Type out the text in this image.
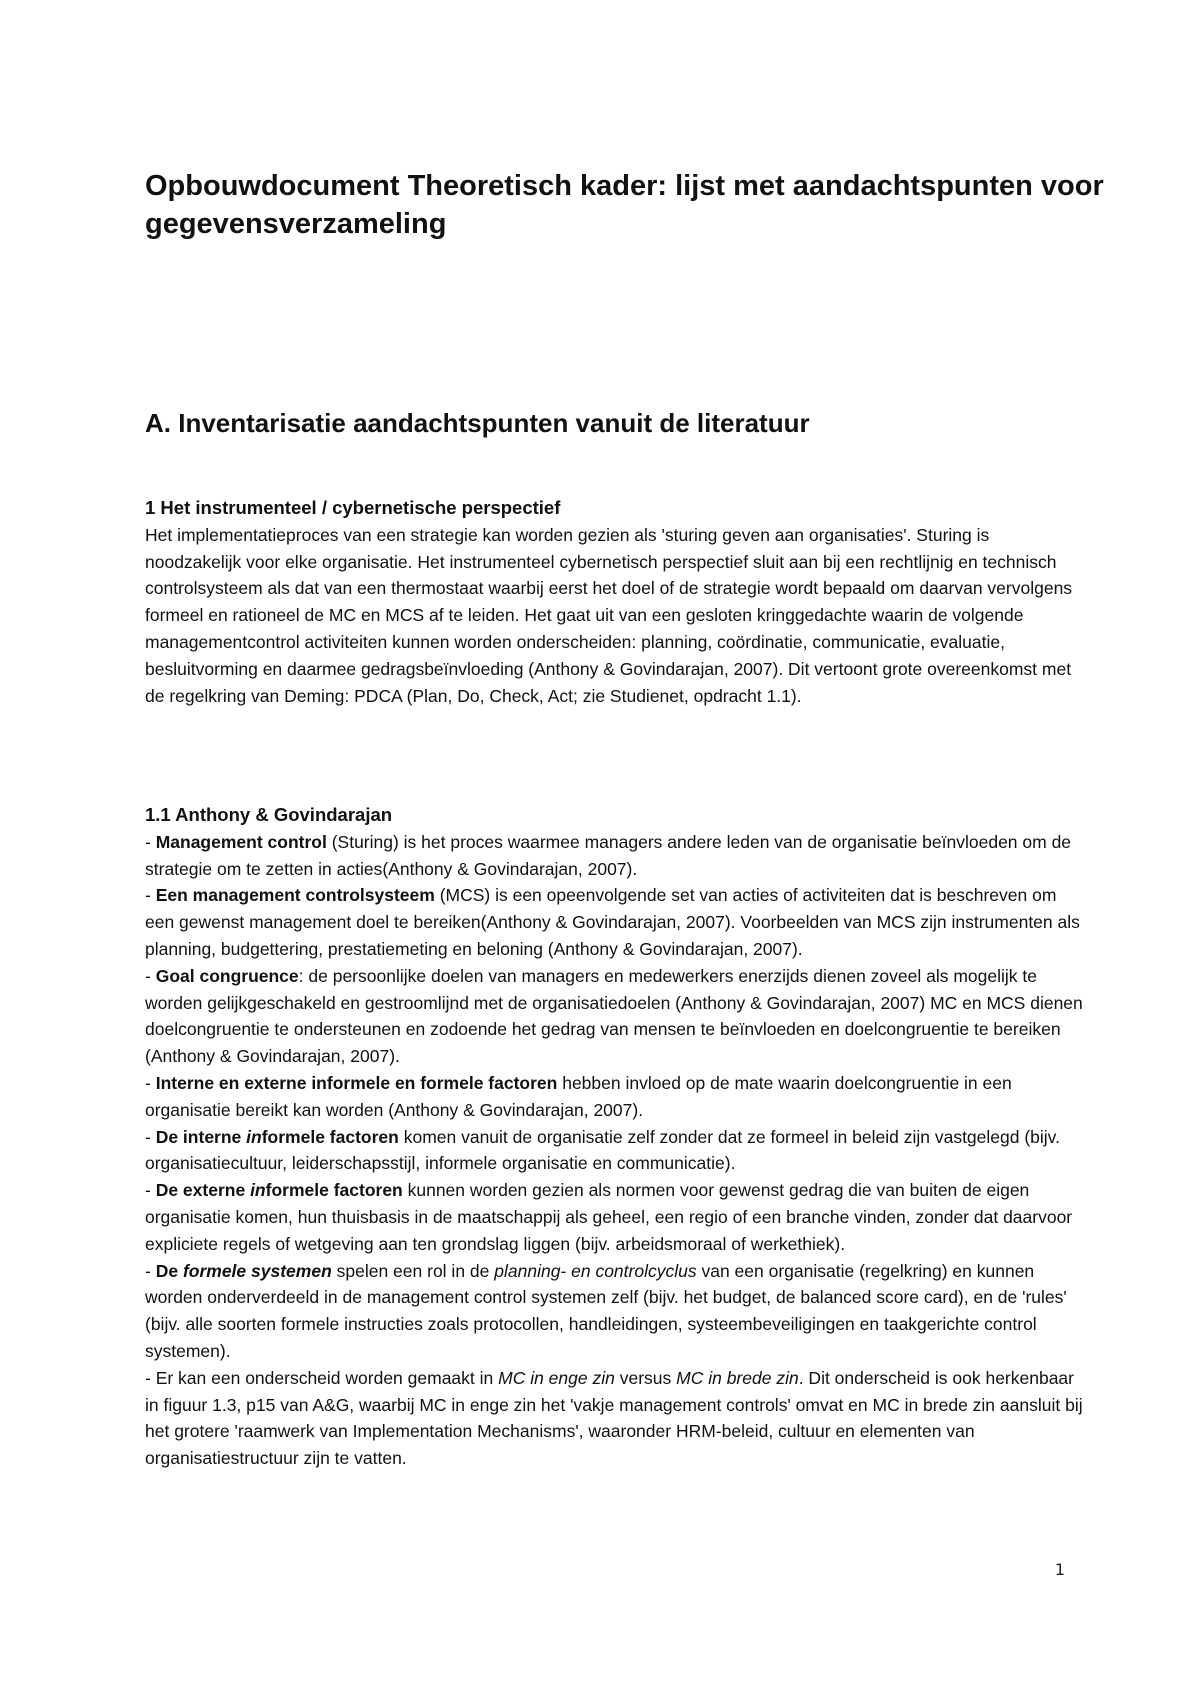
Opbouwdocument Theoretisch kader: lijst met aandachtspunten voor gegevensverzameling
A. Inventarisatie aandachtspunten vanuit de literatuur

1 Het instrumenteel / cybernetische perspectief

Het implementatieproces van een strategie kan worden gezien als 'sturing geven aan organisaties'. Sturing is noodzakelijk voor elke organisatie. Het instrumenteel cybernetisch perspectief sluit aan bij een rechtlijnig en technisch controlsysteem als dat van een thermostaat waarbij eerst het doel of de strategie wordt bepaald om daarvan vervolgens formeel en rationeel de MC en MCS af te leiden. Het gaat uit van een gesloten kringgedachte waarin de volgende managementcontrol activiteiten kunnen worden onderscheiden: planning, coördinatie, communicatie, evaluatie, besluitvorming en daarmee gedragsbeïnvloeding (Anthony & Govindarajan, 2007). Dit vertoont grote overeenkomst met de regelkring van Deming: PDCA (Plan, Do, Check, Act; zie Studienet, opdracht 1.1).

1.1 Anthony & Govindarajan

- Management control (Sturing) is het proces waarmee managers andere leden van de organisatie beïnvloeden om de strategie om te zetten in acties(Anthony & Govindarajan, 2007).

- Een management controlsysteem (MCS) is een opeenvolgende set van acties of activiteiten dat is beschreven om een gewenst management doel te bereiken(Anthony & Govindarajan, 2007). Voorbeelden van MCS zijn instrumenten als planning, budgettering, prestatiemeting en beloning (Anthony & Govindarajan, 2007).

- Goal congruence: de persoonlijke doelen van managers en medewerkers enerzijds dienen zoveel als mogelijk te worden gelijkgeschakeld en gestroomlijnd met de organisatiedoelen (Anthony & Govindarajan, 2007) MC en MCS dienen doelcongruentie te ondersteunen en zodoende het gedrag van mensen te beïnvloeden en doelcongruentie te bereiken (Anthony & Govindarajan, 2007).

- Interne en externe informele en formele factoren hebben invloed op de mate waarin doelcongruentie in een organisatie bereikt kan worden (Anthony & Govindarajan, 2007).

- De interne informele factoren komen vanuit de organisatie zelf zonder dat ze formeel in beleid zijn vastgelegd (bijv. organisatiecultuur, leiderschapsstijl, informele organisatie en communicatie).

- De externe informele factoren kunnen worden gezien als normen voor gewenst gedrag die van buiten de eigen organisatie komen, hun thuisbasis in de maatschappij als geheel, een regio of een branche vinden, zonder dat daarvoor expliciete regels of wetgeving aan ten grondslag liggen (bijv. arbeidsmoraal of werkethiek).

- De formele systemen spelen een rol in de planning- en controlcyclus van een organisatie (regelkring) en kunnen worden onderverdeeld in de management control systemen zelf (bijv. het budget, de balanced score card), en de 'rules' (bijv. alle soorten formele instructies zoals protocollen, handleidingen, systeembeveiligingen en taakgerichte control systemen).

- Er kan een onderscheid worden gemaakt in MC in enge zin versus MC in brede zin. Dit onderscheid is ook herkenbaar in figuur 1.3, p15 van A&G, waarbij MC in enge zin het 'vakje management controls' omvat en MC in brede zin aansluit bij het grotere 'raamwerk van Implementation Mechanisms', waaronder HRM-beleid, cultuur en elementen van organisatiestructuur zijn te vatten.

1
